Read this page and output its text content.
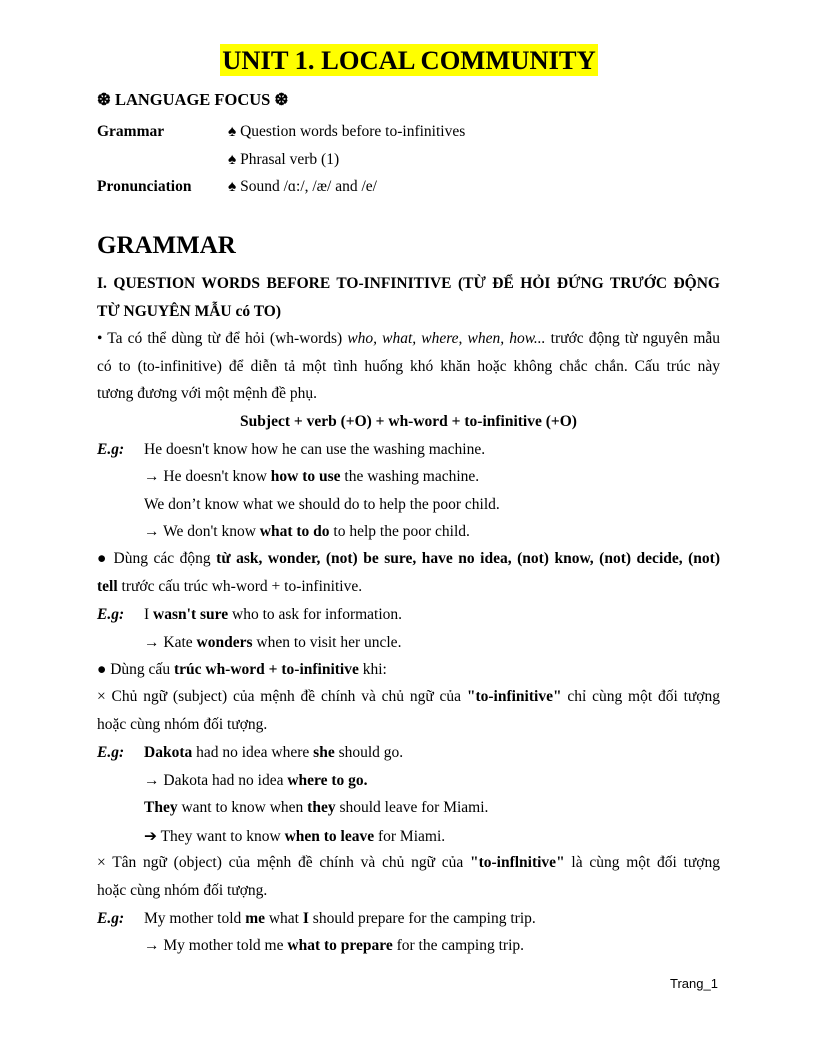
UNIT 1. LOCAL COMMUNITY
❆ LANGUAGE FOCUS ❆
Grammar	♠ Question words before to-infinitives
♠ Phrasal verb (1)
Pronunciation ♠ Sound /ɑ:/, /æ/ and /e/
GRAMMAR
I. QUESTION WORDS BEFORE TO-INFINITIVE (TỪ ĐỂ HỎI ĐỨNG TRƯỚC ĐỘNG
TỪ NGUYÊN MẪU có TO)
• Ta có thể dùng từ để hỏi (wh-words) who, what, where, when, how... trước động từ nguyên mẫu
có to (to-infinitive) để diễn tả một tình huống khó khăn hoặc không chắc chắn. Cấu trúc này
tương đương với một mệnh đề phụ.
Subject + verb (+O) + wh-word + to-infinitive (+O)
E.g: He doesn't know how he can use the washing machine.
→ He doesn't know how to use the washing machine.
We don’t know what we should do to help the poor child.
→ We don't know what to do to help the poor child.
● Dùng các động từ ask, wonder, (not) be sure, have no idea, (not) know, (not) decide, (not)
tell trước cấu trúc wh-word + to-infinitive.
E.g: I wasn't sure who to ask for information.
→ Kate wonders when to visit her uncle.
● Dùng cấu trúc wh-word + to-infinitive khi:
× Chủ ngữ (subject) của mệnh đề chính và chủ ngữ của "to-infinitive" chỉ cùng một đối tượng
hoặc cùng nhóm đối tượng.
E.g: Dakota had no idea where she should go.
→ Dakota had no idea where to go.
They want to know when they should leave for Miami.
➔ They want to know when to leave for Miami.
× Tân ngữ (object) của mệnh đề chính và chủ ngữ của "to-inflnitive" là cùng một đối tượng
hoặc cùng nhóm đối tượng.
E.g: My mother told me what I should prepare for the camping trip.
→ My mother told me what to prepare for the camping trip.
Trang_1
